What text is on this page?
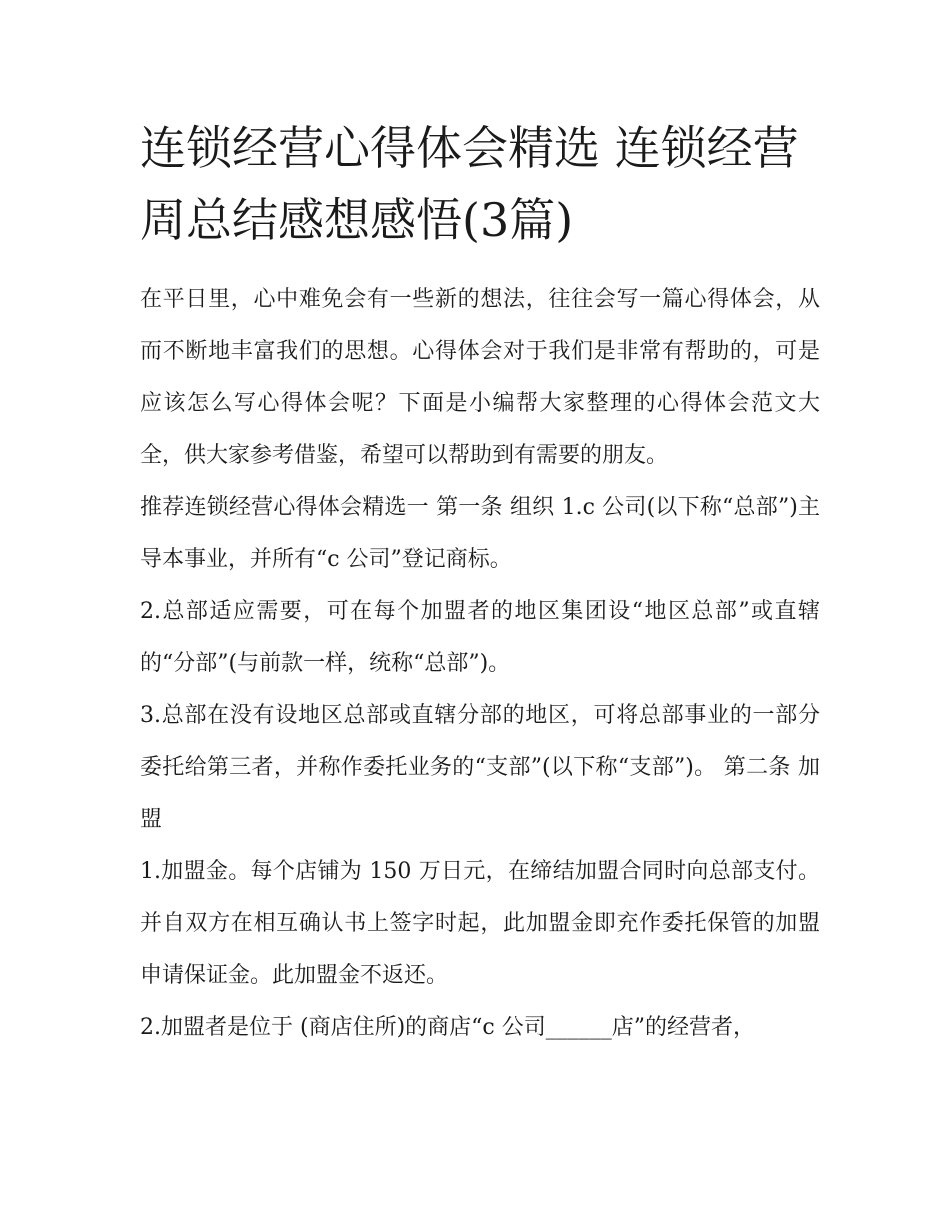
连锁经营心得体会精选 连锁经营周总结感想感悟(3篇)

在平日里，心中难免会有一些新的想法，往往会写一篇心得体会，从而不断地丰富我们的思想。心得体会对于我们是非常有帮助的，可是应该怎么写心得体会呢？下面是小编帮大家整理的心得体会范文大全，供大家参考借鉴，希望可以帮助到有需要的朋友。

推荐连锁经营心得体会精选一 第一条 组织 1.c 公司(以下称“总部”)主导本事业，并所有“c 公司”登记商标。

2.总部适应需要，可在每个加盟者的地区集团设“地区总部”或直辖的“分部”(与前款一样，统称“总部”)。

3.总部在没有设地区总部或直辖分部的地区，可将总部事业的一部分委托给第三者，并称作委托业务的“支部”(以下称“支部”)。 第二条 加盟

1.加盟金。每个店铺为 150 万日元，在缔结加盟合同时向总部支付。并自双方在相互确认书上签字时起，此加盟金即充作委托保管的加盟申请保证金。此加盟金不返还。

2.加盟者是位于 (商店住所)的商店“c 公司______店”的经营者，
